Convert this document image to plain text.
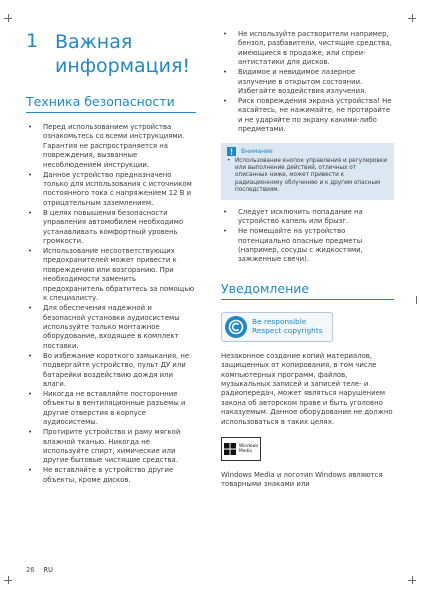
1 Важная
информация!
Техника безопасности
• Перед использованием устройства ознакомьтесь со всеми инструкциями. Гарантия не распространяется на повреждения, вызванные несоблюдением инструкции.
• Данное устройство предназначено только для использования с источником постоянного тока с напряжением 12 В и отрицательным заземлением.
• В целях повышения безопасности управления автомобилем необходимо устанавливать комфортный уровень громкости.
• Использование несоответствующих предохранителей может привести к повреждению или возгоранию. При необходимости заменить предохранитель обратитесь за помощью к специалисту.
• Для обеспечения надежной и безопасной установки аудиосистемы используйте только монтажное оборудование, входящее в комплект поставки.
• Во избежание короткого замыкания, не подвергайте устройство, пульт ДУ или батарейки воздействию дождя или влаги.
• Никогда не вставляйте посторонние объекты в вентиляционные разъемы и другие отверстия в корпусе аудиосистемы.
• Протирите устройство и раму мягкой влажной тканью. Никогда не используйте спирт, химические или другие бытовые чистящие средства.
• Не вставляйте в устройство другие объекты, кроме дисков.
• Не используйте растворители например, бензол, разбавители, чистящие средства, имеющиеся в продаже, или спреи-антистатики для дисков.
• Видимое и невидимое лазерное излучение в открытом состоянии. Избегайте воздействия излучения.
• Риск повреждения экрана устройства! Не касайтесь, не нажимайте, не протирайте и не ударяйте по экрану какими-либо предметами.
Внимание
• Использование кнопок управления и регулировки или выполнение действий, отличных от описанных ниже, может привести к радиационному облучению и к другим опасным последствиям.
• Следует исключить попадание на устройство капель или брызг.
• Не помещайте на устройство потенциально опасные предметы (например, сосуды с жидкостями, зажженные свечи).
Уведомление
Be responsible
Respect copyrights
Незаконное создание копий материалов, защищенных от копирования, в том числе компьютерных программ, файлов, музыкальных записей и записей теле- и радиопередач, может являться нарушением закона об авторском праве и быть уголовно наказуемым. Данное оборудование не должно использоваться в таких целях.
Windows Media
Windows Media и логотип Windows являются товарными знаками или
26 RU
